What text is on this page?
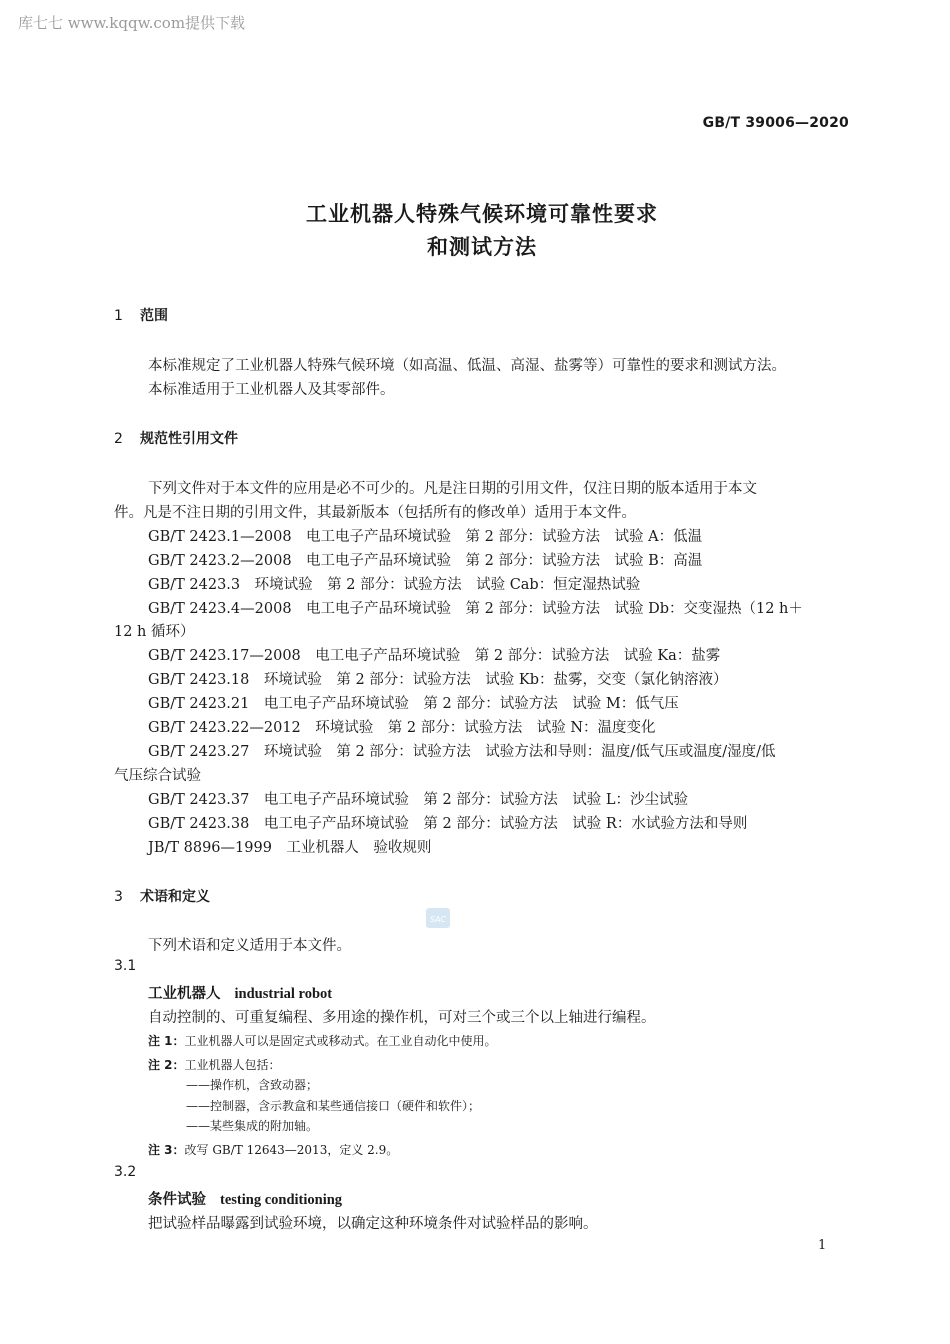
库七七 www.kqqw.com提供下载
GB/T 39006—2020
工业机器人特殊气候环境可靠性要求
和测试方法
1 范围
本标准规定了工业机器人特殊气候环境（如高温、低温、高湿、盐雾等）可靠性的要求和测试方法。
本标准适用于工业机器人及其零部件。
2 规范性引用文件
下列文件对于本文件的应用是必不可少的。凡是注日期的引用文件，仅注日期的版本适用于本文
件。凡是不注日期的引用文件，其最新版本（包括所有的修改单）适用于本文件。
GB/T 2423.1—2008　电工电子产品环境试验　第 2 部分：试验方法　试验 A：低温
GB/T 2423.2—2008　电工电子产品环境试验　第 2 部分：试验方法　试验 B：高温
GB/T 2423.3　环境试验　第 2 部分：试验方法　试验 Cab：恒定湿热试验
GB/T 2423.4—2008　电工电子产品环境试验　第 2 部分：试验方法　试验 Db：交变湿热（12 h＋
12 h 循环）
GB/T 2423.17—2008　电工电子产品环境试验　第 2 部分：试验方法　试验 Ka：盐雾
GB/T 2423.18　环境试验　第 2 部分：试验方法　试验 Kb：盐雾，交变（氯化钠溶液）
GB/T 2423.21　电工电子产品环境试验　第 2 部分：试验方法　试验 M：低气压
GB/T 2423.22—2012　环境试验　第 2 部分：试验方法　试验 N：温度变化
GB/T 2423.27　环境试验　第 2 部分：试验方法　试验方法和导则：温度/低气压或温度/湿度/低
气压综合试验
GB/T 2423.37　电工电子产品环境试验　第 2 部分：试验方法　试验 L：沙尘试验
GB/T 2423.38　电工电子产品环境试验　第 2 部分：试验方法　试验 R：水试验方法和导则
JB/T 8896—1999　工业机器人　验收规则
3 术语和定义
SAC
下列术语和定义适用于本文件。
3.1
工业机器人 industrial robot
自动控制的、可重复编程、多用途的操作机，可对三个或三个以上轴进行编程。
注 1：工业机器人可以是固定式或移动式。在工业自动化中使用。
注 2：工业机器人包括：
——操作机，含致动器；
——控制器，含示教盒和某些通信接口（硬件和软件）；
——某些集成的附加轴。
注 3：改写 GB/T 12643—2013，定义 2.9。
3.2
条件试验 testing conditioning
把试验样品曝露到试验环境，以确定这种环境条件对试验样品的影响。
1
